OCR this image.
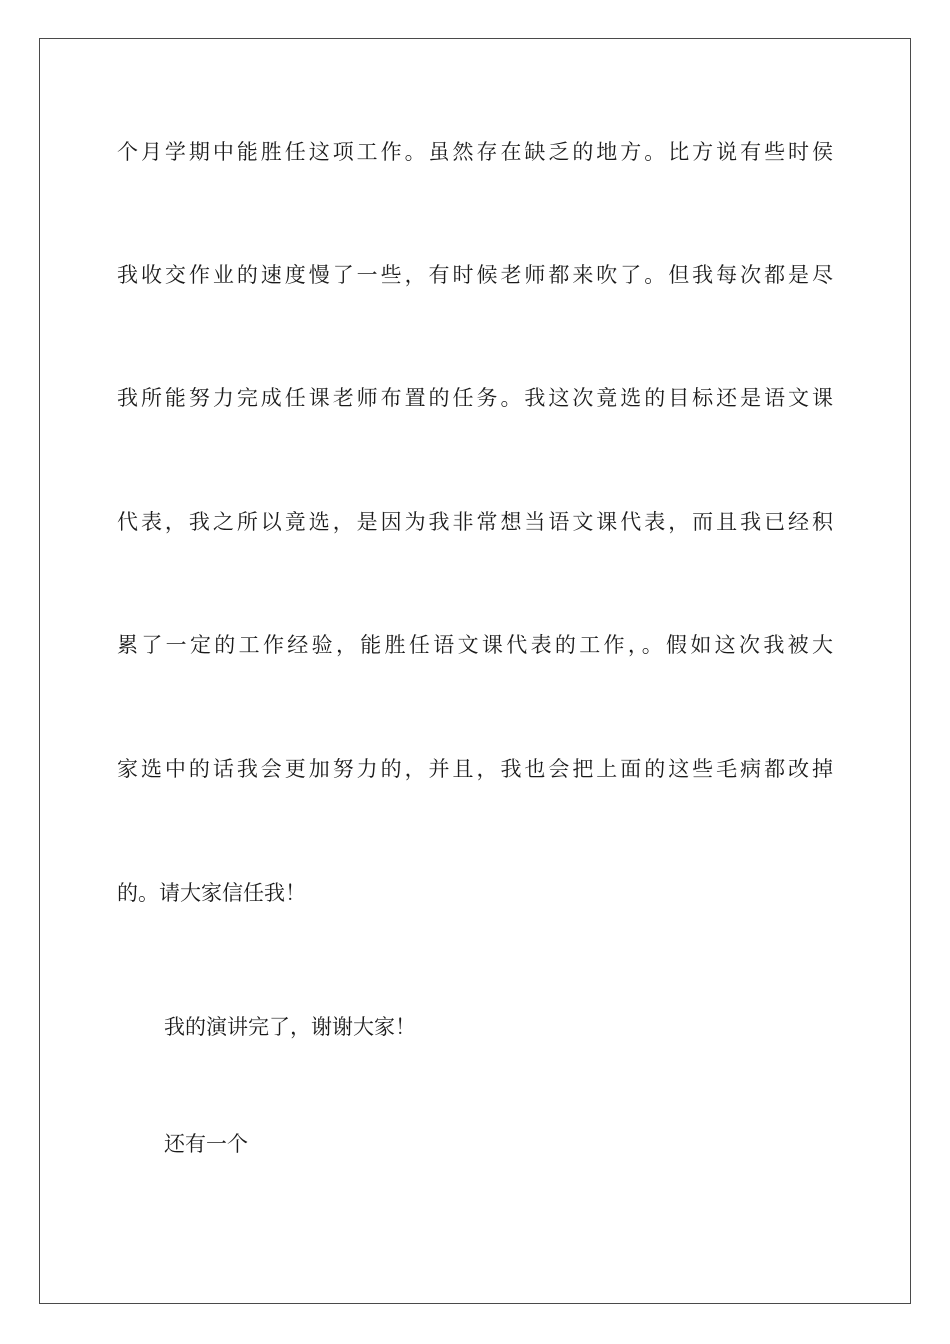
个月学期中能胜任这项工作。虽然存在缺乏的地方。比方说有些时侯
我收交作业的速度慢了一些，有时候老师都来吹了。但我每次都是尽
我所能努力完成任课老师布置的任务。我这次竟选的目标还是语文课
代表，我之所以竟选，是因为我非常想当语文课代表，而且我已经积
累了一定的工作经验，能胜任语文课代表的工作，。假如这次我被大
家选中的话我会更加努力的，并且，我也会把上面的这些毛病都改掉
的。请大家信任我！
我的演讲完了，谢谢大家！
还有一个
